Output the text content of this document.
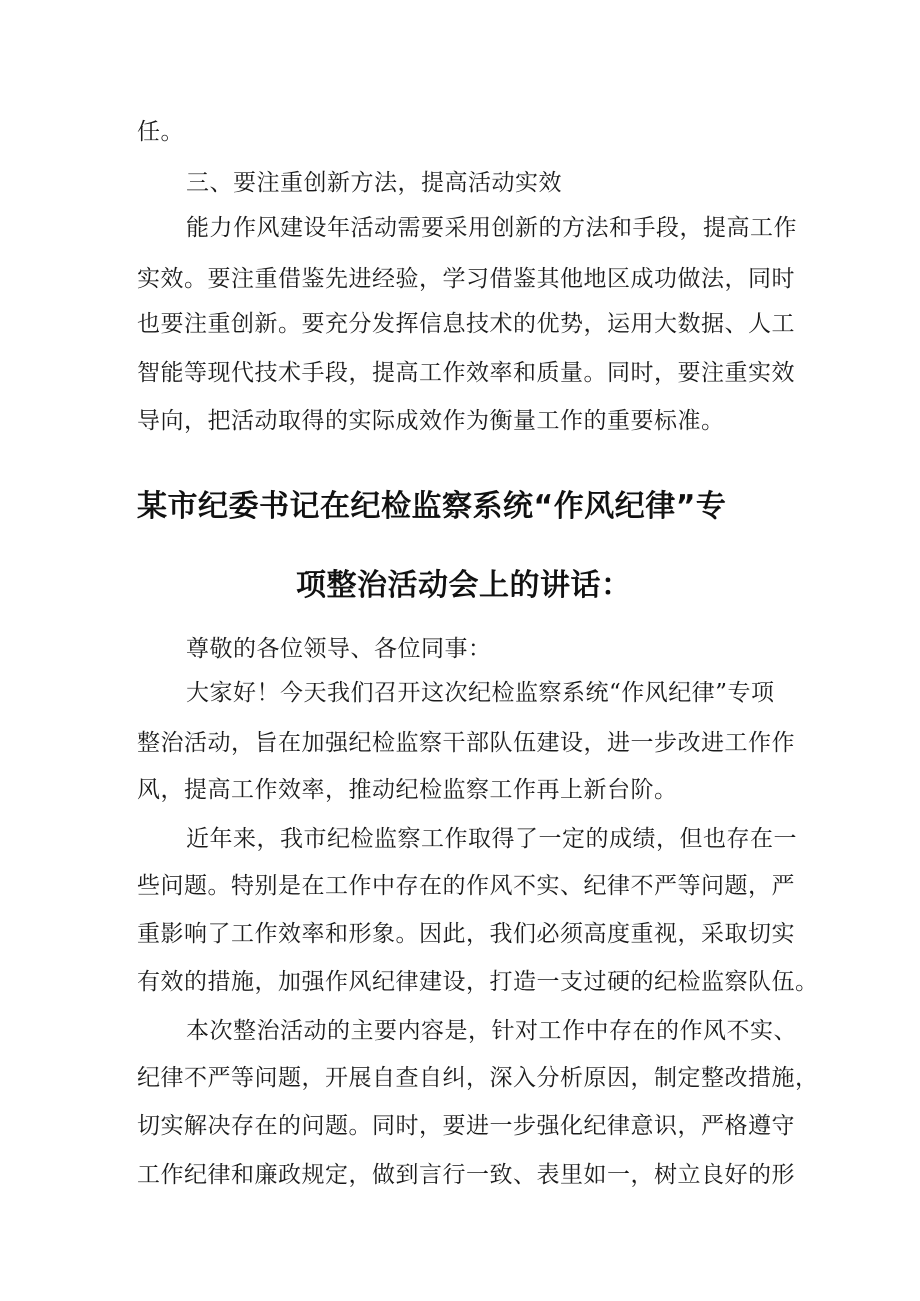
任。
三、要注重创新方法，提高活动实效
能力作风建设年活动需要采用创新的方法和手段，提高工作
实效。要注重借鉴先进经验，学习借鉴其他地区成功做法，同时
也要注重创新。要充分发挥信息技术的优势，运用大数据、人工
智能等现代技术手段，提高工作效率和质量。同时，要注重实效
导向，把活动取得的实际成效作为衡量工作的重要标准。
某市纪委书记在纪检监察系统“作风纪律”专
项整治活动会上的讲话：
尊敬的各位领导、各位同事：
大家好！今天我们召开这次纪检监察系统“作风纪律”专项
整治活动，旨在加强纪检监察干部队伍建设，进一步改进工作作
风，提高工作效率，推动纪检监察工作再上新台阶。
近年来，我市纪检监察工作取得了一定的成绩，但也存在一
些问题。特别是在工作中存在的作风不实、纪律不严等问题，严
重影响了工作效率和形象。因此，我们必须高度重视，采取切实
有效的措施，加强作风纪律建设，打造一支过硬的纪检监察队伍。
本次整治活动的主要内容是，针对工作中存在的作风不实、
纪律不严等问题，开展自查自纠，深入分析原因，制定整改措施，
切实解决存在的问题。同时，要进一步强化纪律意识，严格遵守
工作纪律和廉政规定，做到言行一致、表里如一，树立良好的形
